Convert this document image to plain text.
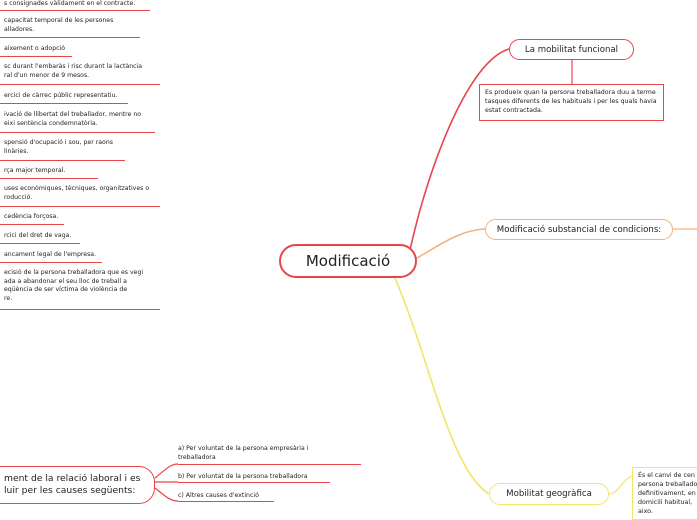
Modificació
La mobilitat funcional
Es produeix quan la persona treballadora duu a terme tasques diferents de les habituals i per les quals havia estat contractada.
Modificació substancial de condicions:
Mobilitat geogràfica
És el canvi de cen persona treballado definitivament, en domicili habitual, aixo.
ment de la relació laboral i es
luir per les causes següents:
s consignades vàlidament en el contracte.
capacitat temporal de les persones
alladores.
aixement o adopció
sc durant l'embaràs i risc durant la lactància
ral d'un menor de 9 mesos.
ercici de càrrec públic representatiu.
ivació de llibertat del treballador, mentre no
eixi sentència condemnatòria.
spensió d'ocupació i sou, per raons
linàries.
rça major temporal.
uses econòmiques, tècniques, organitzatives o
roducció.
cedència forçosa.
rcici del dret de vaga.
ancament legal de l'empresa.
ecisió de la persona treballadora que es vegi
ada a abandonar el seu lloc de treball a
eqüència de ser víctima de violència de
re.
a) Per voluntat de la persona empresària i
treballadora
b) Per voluntat de la persona treballadora
c) Altres causes d'extinció
